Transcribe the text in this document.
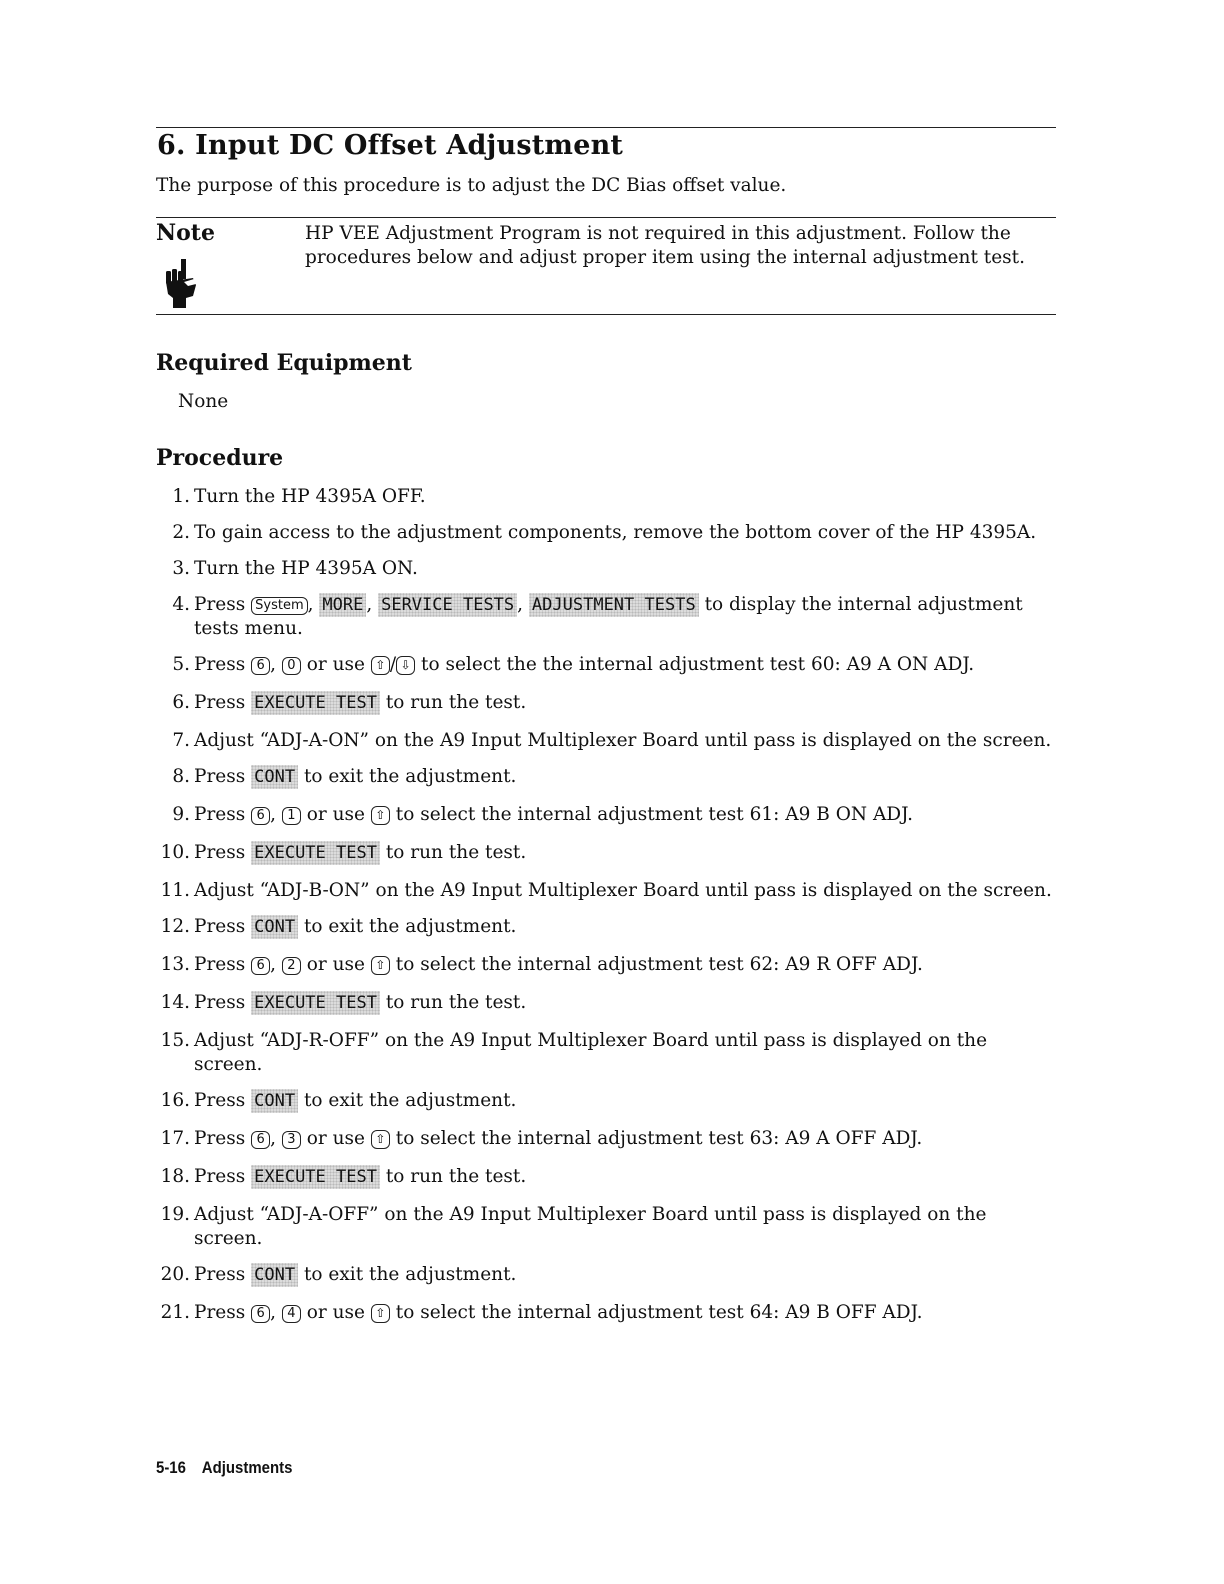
6. Input DC Offset Adjustment

The purpose of this procedure is to adjust the DC Bias offset value.

Note	HP VEE Adjustment Program is not required in this adjustment. Follow the procedures below and adjust proper item using the internal adjustment test.

Required Equipment
None
Procedure
1. Turn the HP 4395A OFF.
2. To gain access to the adjustment components, remove the bottom cover of the HP 4395A.
3. Turn the HP 4395A ON.
4. Press System , MORE , SERVICE TESTS , ADJUSTMENT TESTS to display the internal adjustment tests menu.
5. Press 6 , 0 or use ⇧ / ⇩ to select the the internal adjustment test 60: A9 A ON ADJ.
6. Press EXECUTE TEST to run the test.
7. Adjust “ADJ-A-ON” on the A9 Input Multiplexer Board until pass is displayed on the screen.
8. Press CONT to exit the adjustment.
9. Press 6 , 1 or use ⇧ to select the internal adjustment test 61: A9 B ON ADJ.
10. Press EXECUTE TEST to run the test.
11. Adjust “ADJ-B-ON” on the A9 Input Multiplexer Board until pass is displayed on the screen.
12. Press CONT to exit the adjustment.
13. Press 6 , 2 or use ⇧ to select the internal adjustment test 62: A9 R OFF ADJ.
14. Press EXECUTE TEST to run the test.
15. Adjust “ADJ-R-OFF” on the A9 Input Multiplexer Board until pass is displayed on the screen.
16. Press CONT to exit the adjustment.
17. Press 6 , 3 or use ⇧ to select the internal adjustment test 63: A9 A OFF ADJ.
18. Press EXECUTE TEST to run the test.
19. Adjust “ADJ-A-OFF” on the A9 Input Multiplexer Board until pass is displayed on the screen.
20. Press CONT to exit the adjustment.
21. Press 6 , 4 or use ⇧ to select the internal adjustment test 64: A9 B OFF ADJ.
5-16 Adjustments
